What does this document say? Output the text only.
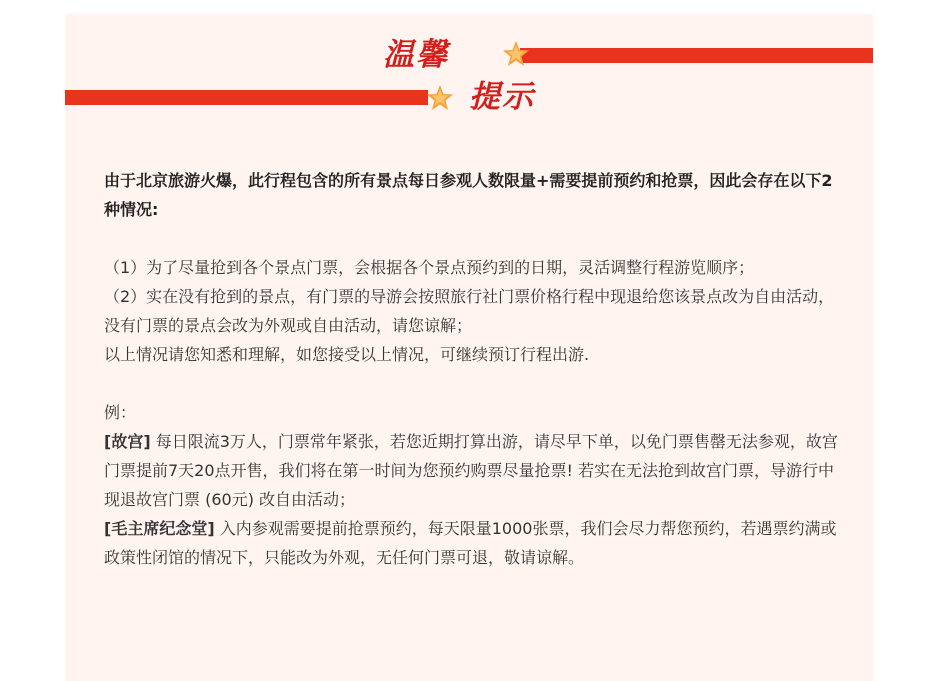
温馨
提示

由于北京旅游火爆，此行程包含的所有景点每日参观人数限量+需要提前预约和抢票，因此会存在以下2种情况:

（1）为了尽量抢到各个景点门票，会根据各个景点预约到的日期，灵活调整行程游览顺序；

（2）实在没有抢到的景点，有门票的导游会按照旅行社门票价格行程中现退给您该景点改为自由活动，没有门票的景点会改为外观或自由活动，请您谅解；

以上情况请您知悉和理解，如您接受以上情况，可继续预订行程出游.

例：

[故宫] 每日限流3万人，门票常年紧张，若您近期打算出游，请尽早下单，以免门票售罄无法参观，故宫门票提前7天20点开售，我们将在第一时间为您预约购票尽量抢票! 若实在无法抢到故宫门票，导游行中现退故宫门票 (60元) 改自由活动；

[毛主席纪念堂] 入内参观需要提前抢票预约，每天限量1000张票，我们会尽力帮您预约，若遇票约满或政策性闭馆的情况下，只能改为外观，无任何门票可退，敬请谅解。
